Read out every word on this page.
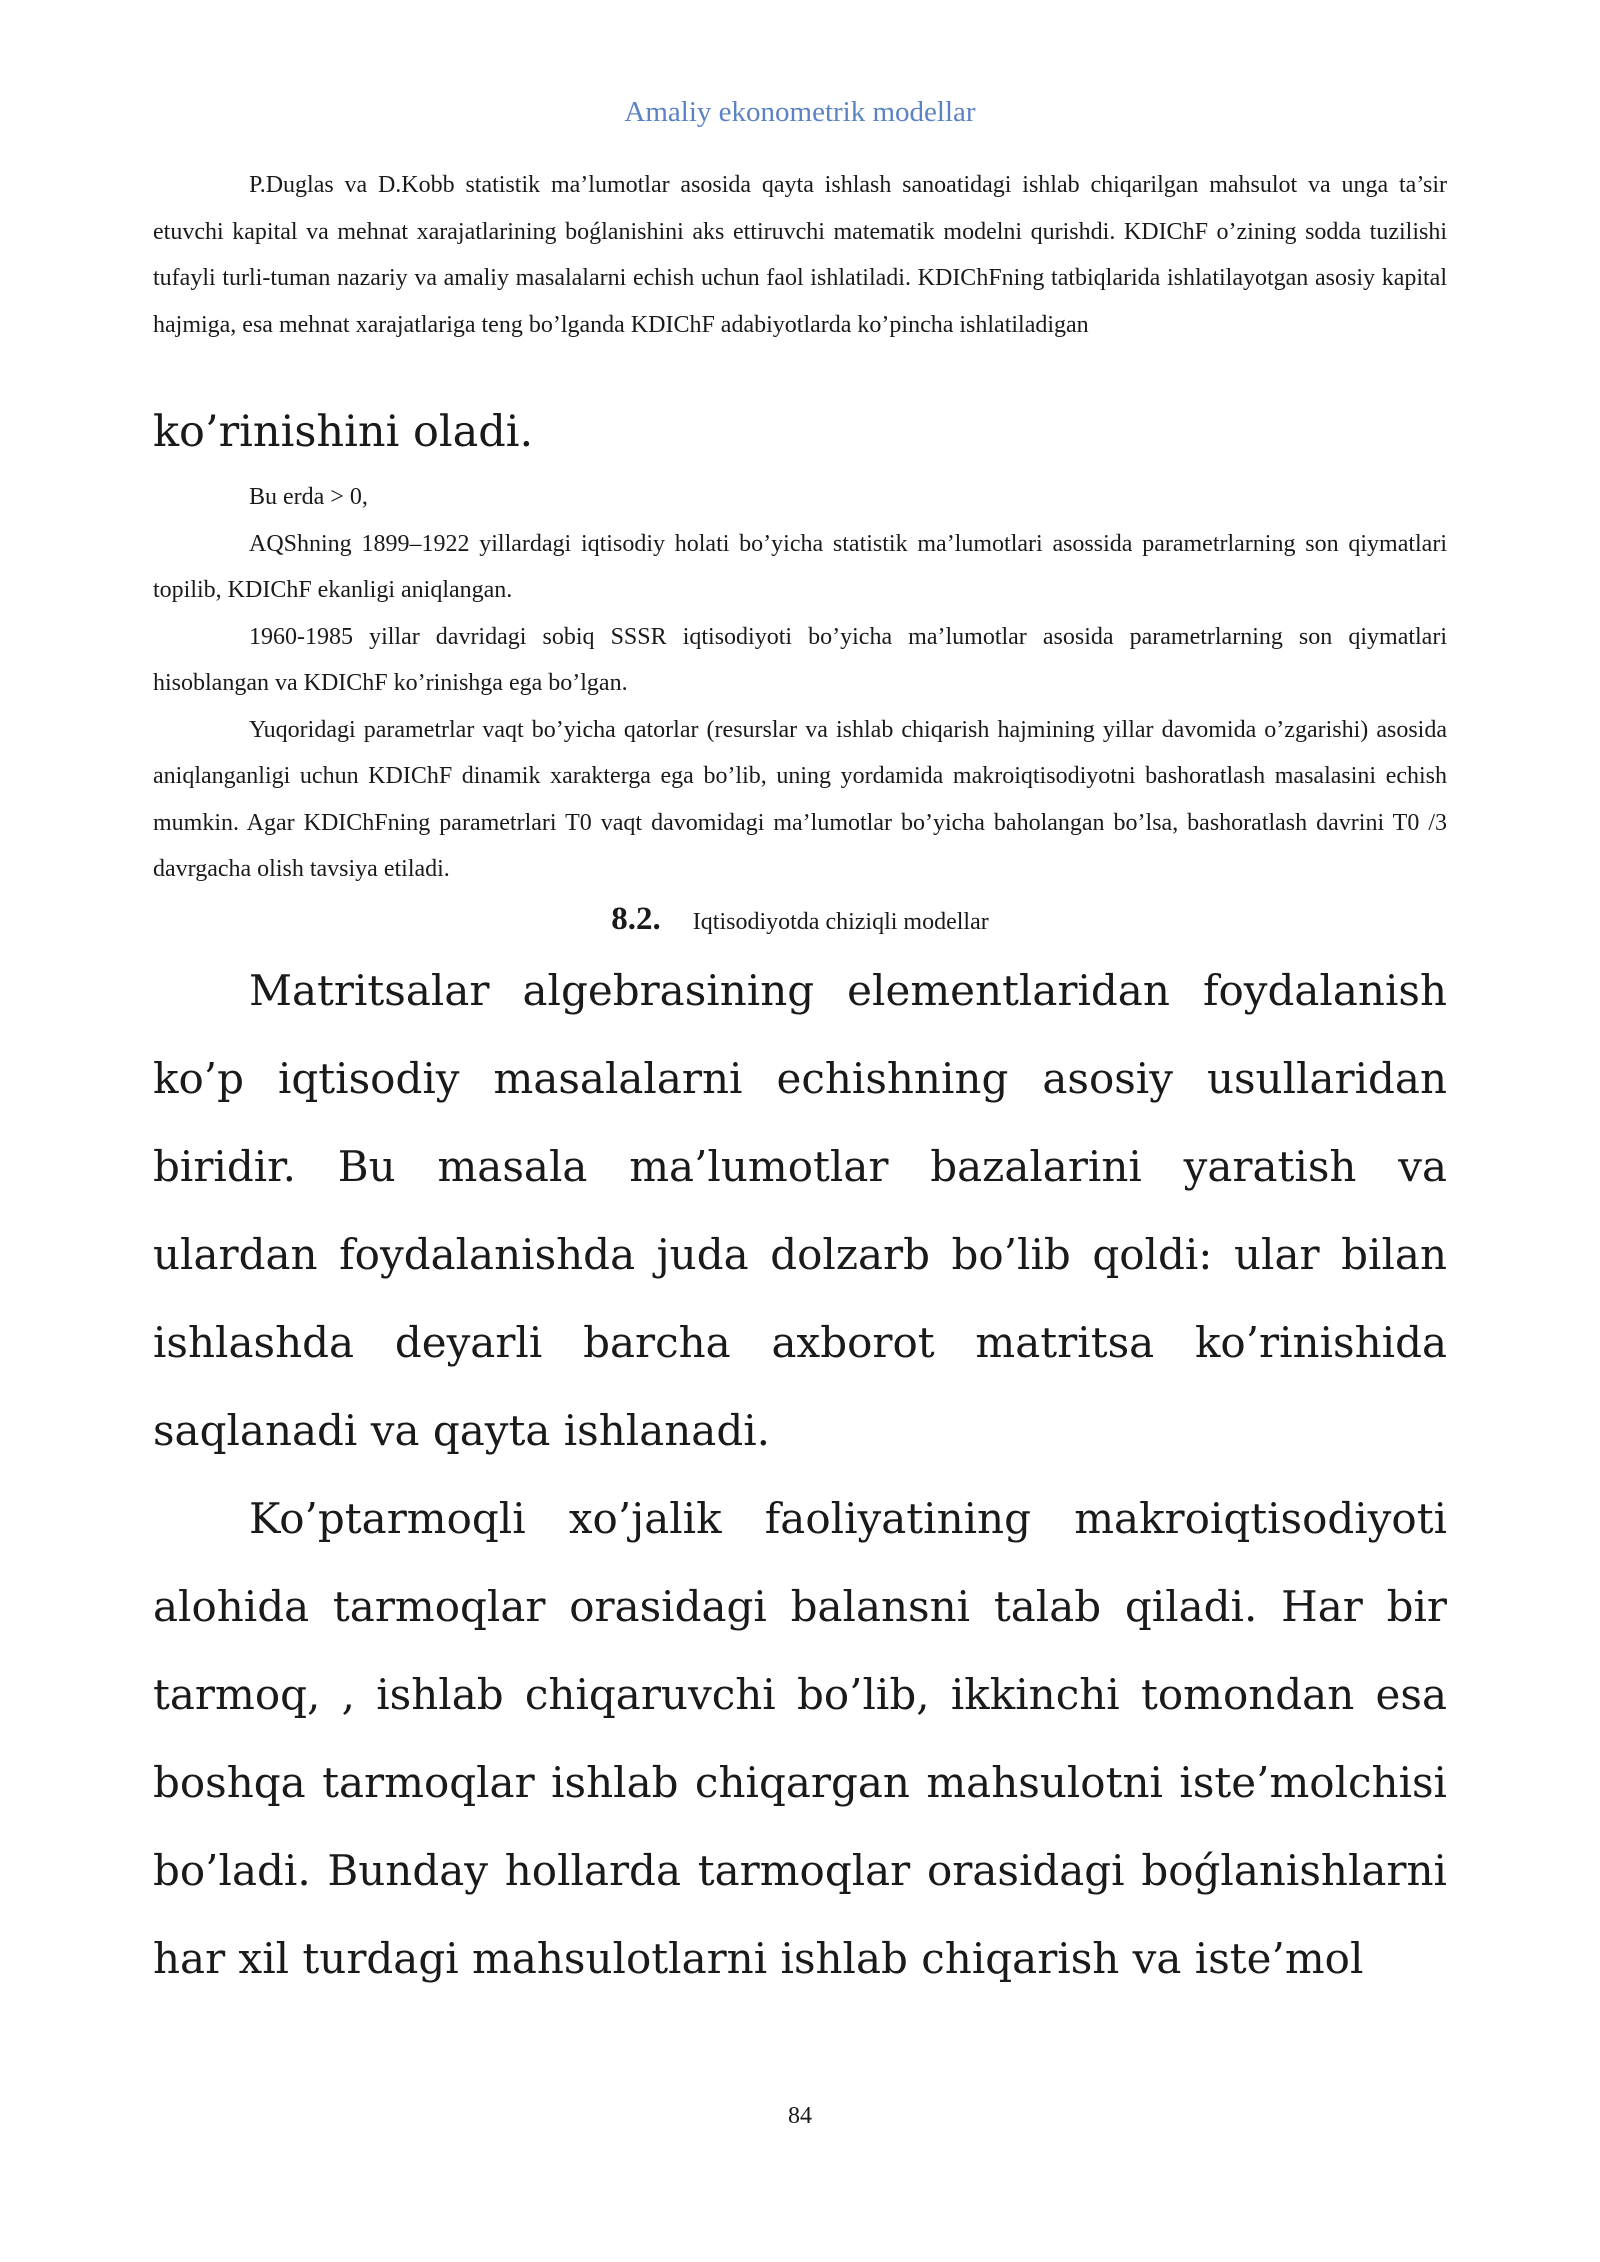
Amaliy ekonometrik modellar

P.Duglas va D.Kobb statistik ma’lumotlar asosida qayta ishlash sanoatidagi ishlab chiqarilgan mahsulot va unga ta’sir etuvchi kapital va mehnat xarajatlarining boǵlanishini aks ettiruvchi matematik modelni qurishdi. KDIChF o’zining sodda tuzilishi tufayli turli-tuman nazariy va amaliy masalalarni echish uchun faol ishlatiladi. KDIChFning tatbiqlarida ishlatilayotgan asosiy kapital hajmiga, esa mehnat xarajatlariga teng bo’lganda KDIChF adabiyotlarda ko’pincha ishlatiladigan

ko’rinishini oladi.

Bu erda > 0,

AQShning 1899–1922 yillardagi iqtisodiy holati bo’yicha statistik ma’lumotlari asossida parametrlarning son qiymatlari topilib, KDIChF ekanligi aniqlangan.

1960-1985 yillar davridagi sobiq SSSR iqtisodiyoti bo’yicha ma’lumotlar asosida parametrlarning son qiymatlari hisoblangan va KDIChF ko’rinishga ega bo’lgan.

Yuqoridagi parametrlar vaqt bo’yicha qatorlar (resurslar va ishlab chiqarish hajmining yillar davomida o’zgarishi) asosida aniqlanganligi uchun KDIChF dinamik xarakterga ega bo’lib, uning yordamida makroiqtisodiyotni bashoratlash masalasini echish mumkin. Agar KDIChFning parametrlari T0 vaqt davomidagi ma’lumotlar bo’yicha baholangan bo’lsa, bashoratlash davrini T0 /3 davrgacha olish tavsiya etiladi.

8.2. Iqtisodiyotda chiziqli modellar

Matritsalar algebrasining elementlaridan foydalanish ko’p iqtisodiy masalalarni echishning asosiy usullaridan biridir. Bu masala ma’lumotlar bazalarini yaratish va ulardan foydalanishda juda dolzarb bo’lib qoldi: ular bilan ishlashda deyarli barcha axborot matritsa ko’rinishida saqlanadi va qayta ishlanadi.

Ko’ptarmoqli xo’jalik faoliyatining makroiqtisodiyoti alohida tarmoqlar orasidagi balansni talab qiladi. Har bir tarmoq, , ishlab chiqaruvchi bo’lib, ikkinchi tomondan esa boshqa tarmoqlar ishlab chiqargan mahsulotni iste’molchisi bo’ladi. Bunday hollarda tarmoqlar orasidagi boǵlanishlarni har xil turdagi mahsulotlarni ishlab chiqarish va iste’mol

84
